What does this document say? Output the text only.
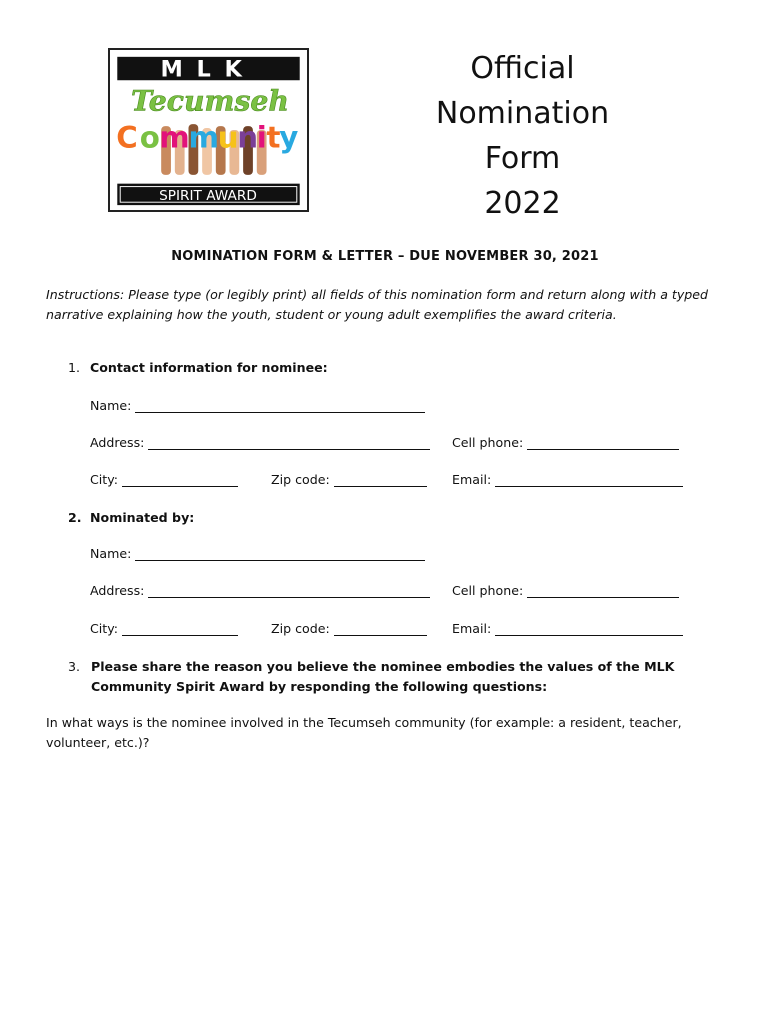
MLK
Tecumseh
C o m
m
u
n
i t
y
SPIRIT AWARD
Official
Nomination
Form
2022
NOMINATION FORM & LETTER – DUE NOVEMBER 30, 2021
Instructions: Please type (or legibly print) all fields of this nomination form and return along with a typed narrative explaining how the youth, student or young adult exemplifies the award criteria.
1. Contact information for nominee:
Name:
Address:	Cell phone:
City:	Zip code:	Email:
2. Nominated by:
Name:
Address:	Cell phone:
City:	Zip code:	Email:
3. Please share the reason you believe the nominee embodies the values of the MLK Community Spirit Award by responding the following questions:
In what ways is the nominee involved in the Tecumseh community (for example: a resident, teacher, volunteer, etc.)?
